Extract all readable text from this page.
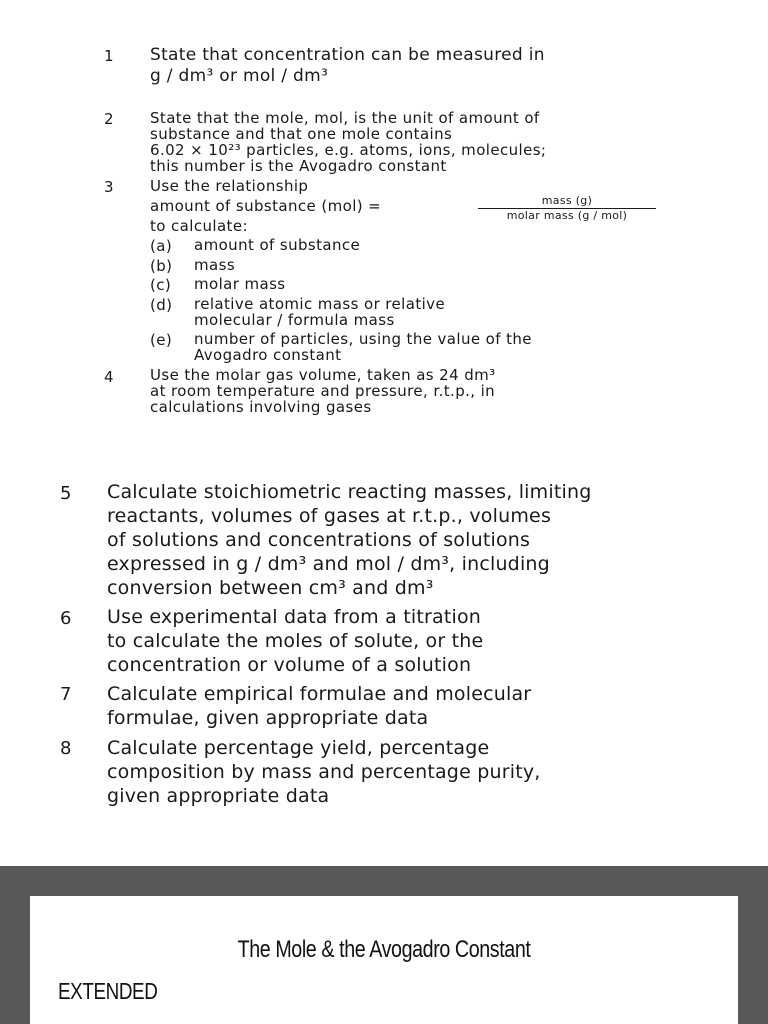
1 State that concentration can be measured in
g / dm³ or mol / dm³
2 State that the mole, mol, is the unit of amount of
substance and that one mole contains
6.02 × 10²³ particles, e.g. atoms, ions, molecules;
this number is the Avogadro constant
3 Use the relationship
amount of substance (mol) =	mass (g)
molar mass (g / mol)
to calculate:
(a) amount of substance
(b) mass
(c) molar mass
(d) relative atomic mass or relative
molecular / formula mass
(e) number of particles, using the value of the
Avogadro constant
4 Use the molar gas volume, taken as 24 dm³
at room temperature and pressure, r.t.p., in
calculations involving gases
5 Calculate stoichiometric reacting masses, limiting
reactants, volumes of gases at r.t.p., volumes
of solutions and concentrations of solutions
expressed in g / dm³ and mol / dm³, including
conversion between cm³ and dm³
6 Use experimental data from a titration
to calculate the moles of solute, or the
concentration or volume of a solution
7 Calculate empirical formulae and molecular
formulae, given appropriate data
8 Calculate percentage yield, percentage
composition by mass and percentage purity,
given appropriate data
The Mole & the Avogadro Constant
EXTENDED
